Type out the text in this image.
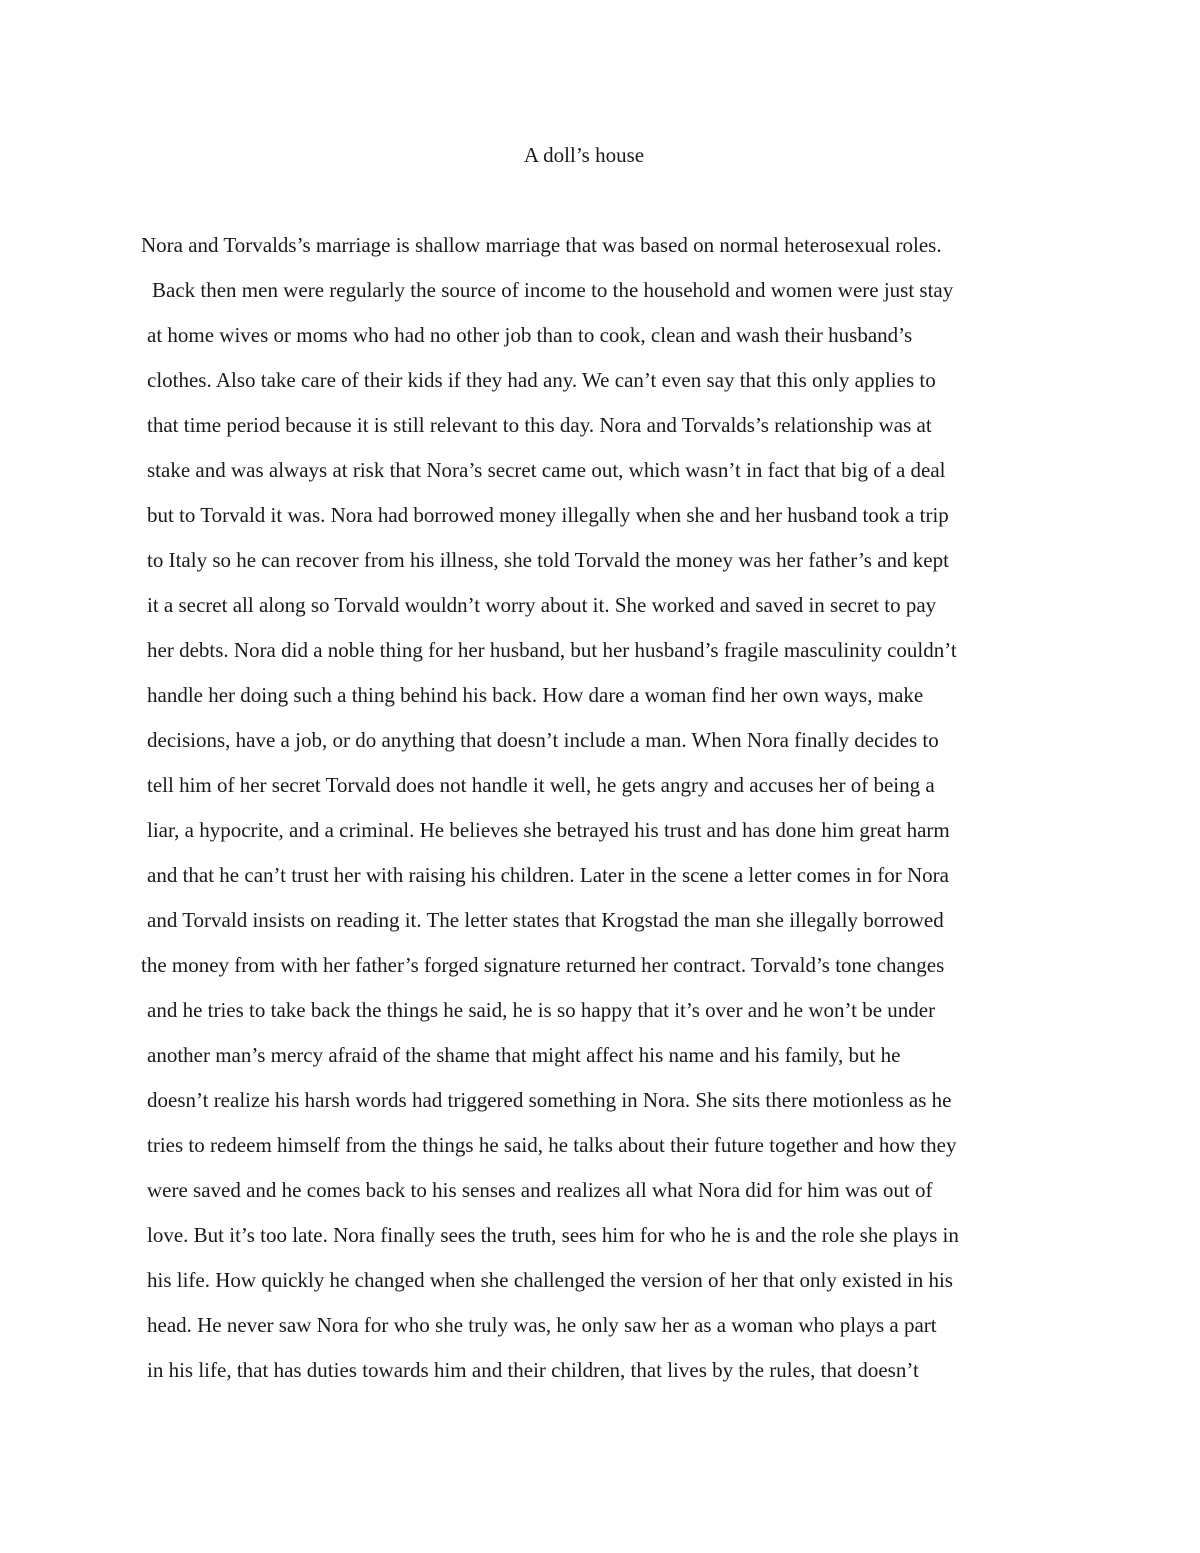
A doll’s house
Nora and Torvalds’s marriage is shallow marriage that was based on normal heterosexual roles.
Back then men were regularly the source of income to the household and women were just stay
at home wives or moms who had no other job than to cook, clean and wash their husband’s
clothes. Also take care of their kids if they had any. We can’t even say that this only applies to
that time period because it is still relevant to this day. Nora and Torvalds’s relationship was at
stake and was always at risk that Nora’s secret came out, which wasn’t in fact that big of a deal
but to Torvald it was. Nora had borrowed money illegally when she and her husband took a trip
to Italy so he can recover from his illness, she told Torvald the money was her father’s and kept
it a secret all along so Torvald wouldn’t worry about it. She worked and saved in secret to pay
her debts. Nora did a noble thing for her husband, but her husband’s fragile masculinity couldn’t
handle her doing such a thing behind his back. How dare a woman find her own ways, make
decisions, have a job, or do anything that doesn’t include a man. When Nora finally decides to
tell him of her secret Torvald does not handle it well, he gets angry and accuses her of being a
liar, a hypocrite, and a criminal. He believes she betrayed his trust and has done him great harm
and that he can’t trust her with raising his children. Later in the scene a letter comes in for Nora
and Torvald insists on reading it. The letter states that Krogstad the man she illegally borrowed
the money from with her father’s forged signature returned her contract. Torvald’s tone changes
and he tries to take back the things he said, he is so happy that it’s over and he won’t be under
another man’s mercy afraid of the shame that might affect his name and his family, but he
doesn’t realize his harsh words had triggered something in Nora. She sits there motionless as he
tries to redeem himself from the things he said, he talks about their future together and how they
were saved and he comes back to his senses and realizes all what Nora did for him was out of
love. But it’s too late. Nora finally sees the truth, sees him for who he is and the role she plays in
his life. How quickly he changed when she challenged the version of her that only existed in his
head. He never saw Nora for who she truly was, he only saw her as a woman who plays a part
in his life, that has duties towards him and their children, that lives by the rules, that doesn’t
